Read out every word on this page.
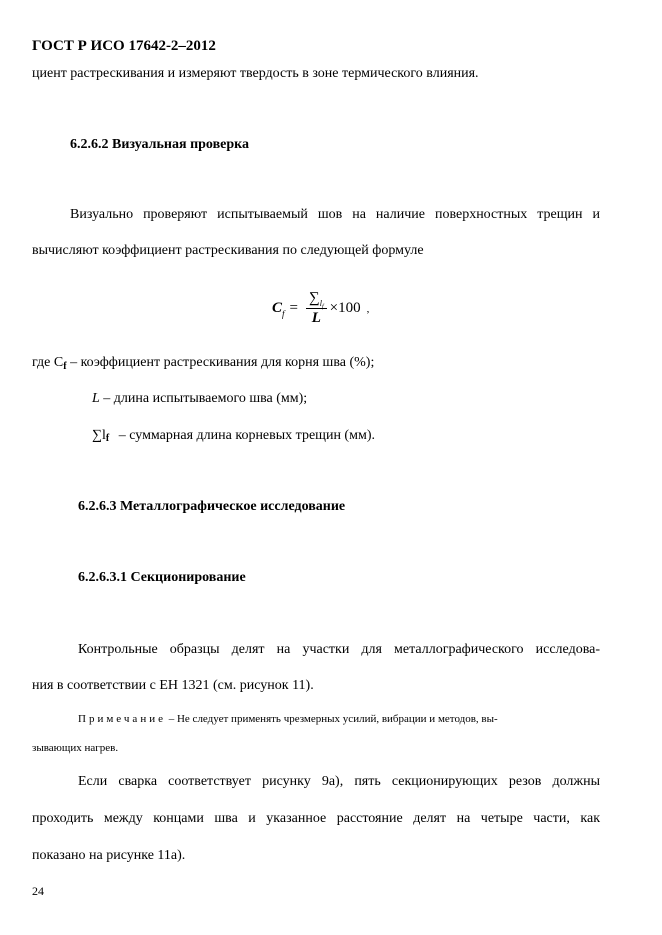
ГОСТ Р ИСО 17642-2–2012
циент растрескивания и измеряют твердость в зоне термического влияния.
6.2.6.2 Визуальная проверка
Визуально проверяют испытываемый шов на наличие поверхностных трещин и
вычисляют коэффициент растрескивания по следующей формуле
C $f = \frac{\sum_{lf}}{L} \times 100$ ,
где $C_f$ – коэффициент растрескивания для корня шва (%);
L – длина испытываемого шва (мм);
∑lf – суммарная длина корневых трещин (мм).
6.2.6.3 Металлографическое исследование
6.2.6.3.1 Секционирование
Контрольные образцы делят на участки для металлографического исследова-
ния в соответствии с ЕН 1321 (см. рисунок 11).
Примечание – Не следует применять чрезмерных усилий, вибрации и методов, вы-
зывающих нагрев.
Если сварка соответствует рисунку 9а), пять секционирующих резов должны
проходить между концами шва и указанное расстояние делят на четыре части, как
показано на рисунке 11а).
24
